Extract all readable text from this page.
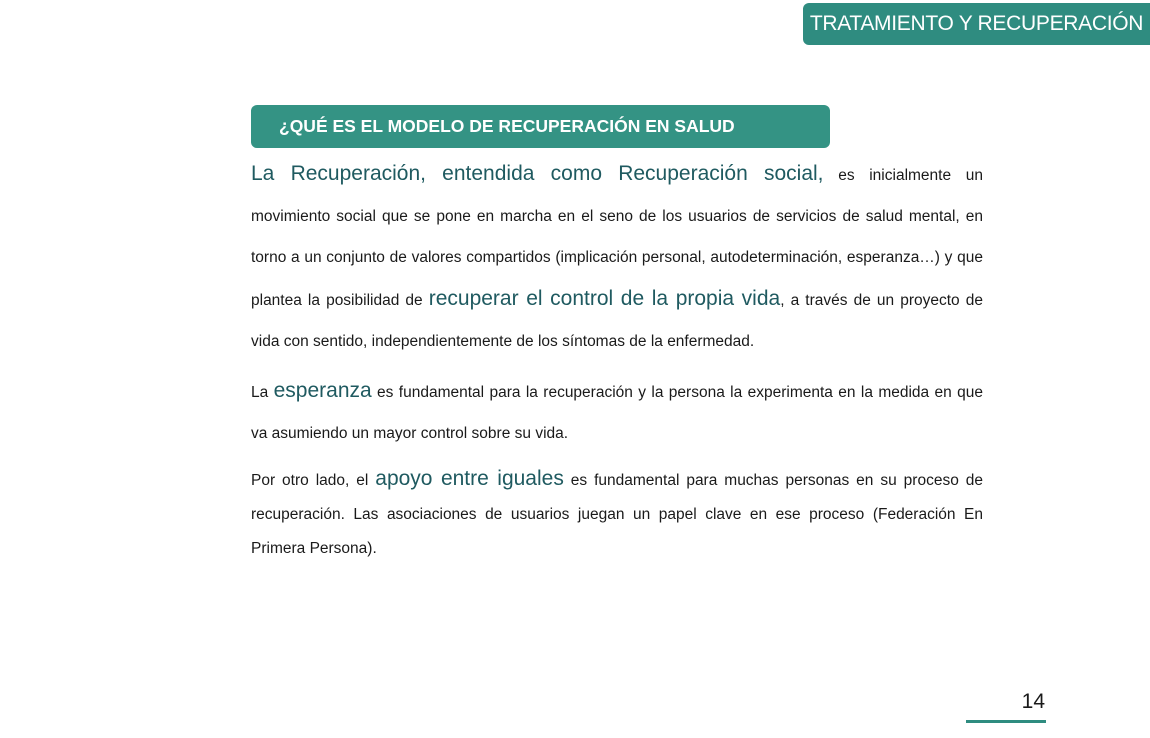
TRATAMIENTO Y RECUPERACIÓN
¿QUÉ ES EL MODELO DE RECUPERACIÓN EN SALUD

La Recuperación, entendida como Recuperación social, es inicialmente un movimiento social que se pone en marcha en el seno de los usuarios de servicios de salud mental, en torno a un conjunto de valores compartidos (implicación personal, autodeterminación, esperanza…) y que plantea la posibilidad de recuperar el control de la propia vida, a través de un proyecto de vida con sentido, independientemente de los síntomas de la enfermedad.

La esperanza es fundamental para la recuperación y la persona la experimenta en la medida en que va asumiendo un mayor control sobre su vida.

Por otro lado, el apoyo entre iguales es fundamental para muchas personas en su proceso de recuperación. Las asociaciones de usuarios juegan un papel clave en ese proceso (Federación En Primera Persona).

14
